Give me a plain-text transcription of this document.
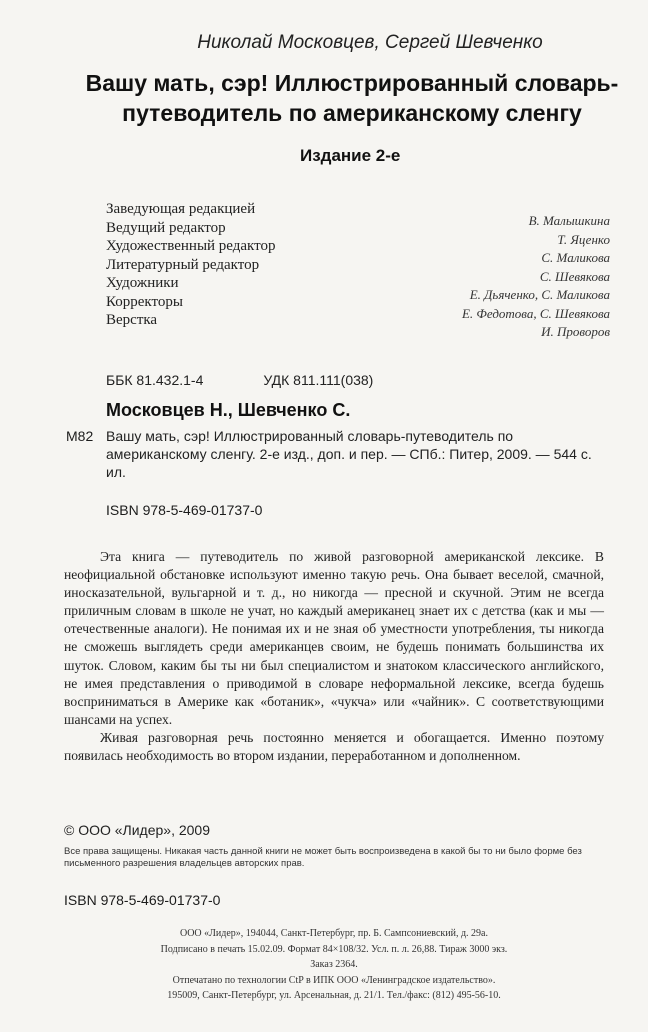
Николай Московцев, Сергей Шевченко
Вашу мать, сэр! Иллюстрированный словарь-
путеводитель по американскому сленгу
Издание 2-е
Заведующая редакцией
Ведущий редактор
Художественный редактор
Литературный редактор
Художники
Корректоры
Верстка
В. Малышкина
Т. Яценко
С. Маликова
С. Шевякова
Е. Дьяченко, С. Маликова
Е. Федотова, С. Шевякова
И. Проворов
ББК 81.432.1-4	УДК 811.111(038)
Московцев Н., Шевченко С.
М82 Вашу мать, сэр! Иллюстрированный словарь-путеводитель по американскому сленгу. 2-е изд., доп. и пер. — СПб.: Питер, 2009. — 544 с. ил.
ISBN 978-5-469-01737-0

Эта книга — путеводитель по живой разговорной американской лексике. В неофициальной обстановке используют именно такую речь. Она бывает веселой, смачной, иносказательной, вульгарной и т. д., но никогда — пресной и скучной. Этим не всегда приличным словам в школе не учат, но каждый американец знает их с детства (как и мы — отечественные аналоги). Не понимая их и не зная об уместности употребления, ты никогда не сможешь выглядеть среди американцев своим, не будешь понимать большинства их шуток. Словом, каким бы ты ни был специалистом и знатоком классического английского, не имея представления о приводимой в словаре неформальной лексике, всегда будешь восприниматься в Америке как «ботаник», «чукча» или «чайник». С соответствующими шансами на успех.

Живая разговорная речь постоянно меняется и обогащается. Именно поэтому появилась необходимость во втором издании, переработанном и дополненном.

© ООО «Лидер», 2009
Все права защищены. Никакая часть данной книги не может быть воспроизведена в какой бы то ни было форме без письменного разрешения владельцев авторских прав.
ISBN 978-5-469-01737-0
ООО «Лидер», 194044, Санкт-Петербург, пр. Б. Сампсониевский, д. 29а.
Подписано в печать 15.02.09. Формат 84×108/32. Усл. п. л. 26,88. Тираж 3000 экз.
Заказ 2364.
Отпечатано по технологии CtP в ИПК ООО «Ленинградское издательство».
195009, Санкт-Петербург, ул. Арсенальная, д. 21/1. Тел./факс: (812) 495-56-10.
